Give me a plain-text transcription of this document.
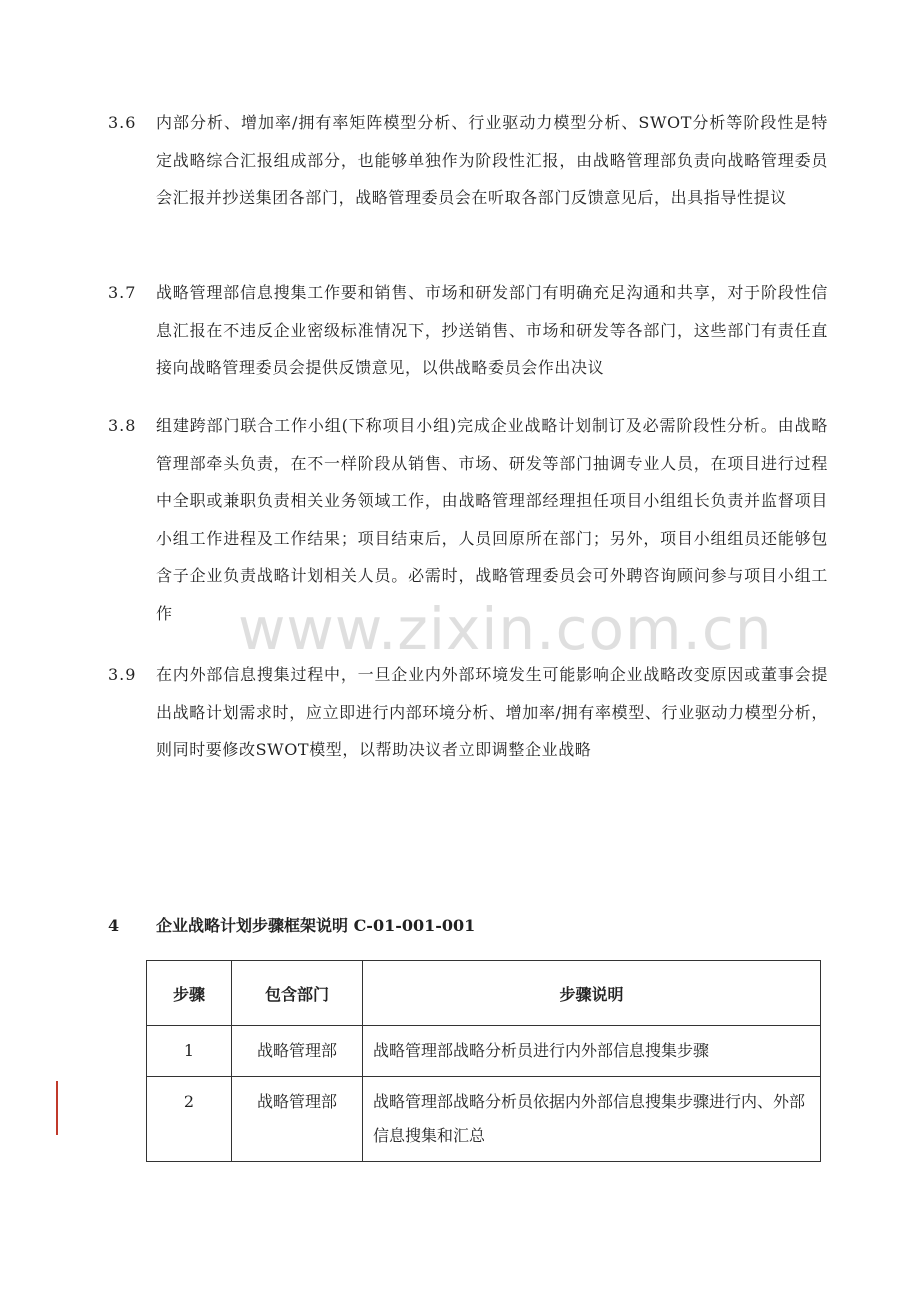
3.6	内部分析、增加率/拥有率矩阵模型分析、行业驱动力模型分析、SWOT分析等阶段性是特定战略综合汇报组成部分，也能够单独作为阶段性汇报，由战略管理部负责向战略管理委员会汇报并抄送集团各部门，战略管理委员会在听取各部门反馈意见后，出具指导性提议
3.7	战略管理部信息搜集工作要和销售、市场和研发部门有明确充足沟通和共享，对于阶段性信息汇报在不违反企业密级标准情况下，抄送销售、市场和研发等各部门，这些部门有责任直接向战略管理委员会提供反馈意见，以供战略委员会作出决议
3.8	组建跨部门联合工作小组(下称项目小组)完成企业战略计划制订及必需阶段性分析。由战略管理部牵头负责，在不一样阶段从销售、市场、研发等部门抽调专业人员，在项目进行过程中全职或兼职负责相关业务领域工作，由战略管理部经理担任项目小组组长负责并监督项目小组工作进程及工作结果；项目结束后，人员回原所在部门；另外，项目小组组员还能够包含子企业负责战略计划相关人员。必需时，战略管理委员会可外聘咨询顾问参与项目小组工作
3.9	在内外部信息搜集过程中，一旦企业内外部环境发生可能影响企业战略改变原因或董事会提出战略计划需求时，应立即进行内部环境分析、增加率/拥有率模型、行业驱动力模型分析，则同时要修改SWOT模型，以帮助决议者立即调整企业战略
www.zixin.com.cn
4 企业战略计划步骤框架说明 C-01-001-001
步骤	包含部门	步骤说明
1	战略管理部	战略管理部战略分析员进行内外部信息搜集步骤
2	战略管理部	战略管理部战略分析员依据内外部信息搜集步骤进行内、外部信息搜集和汇总
